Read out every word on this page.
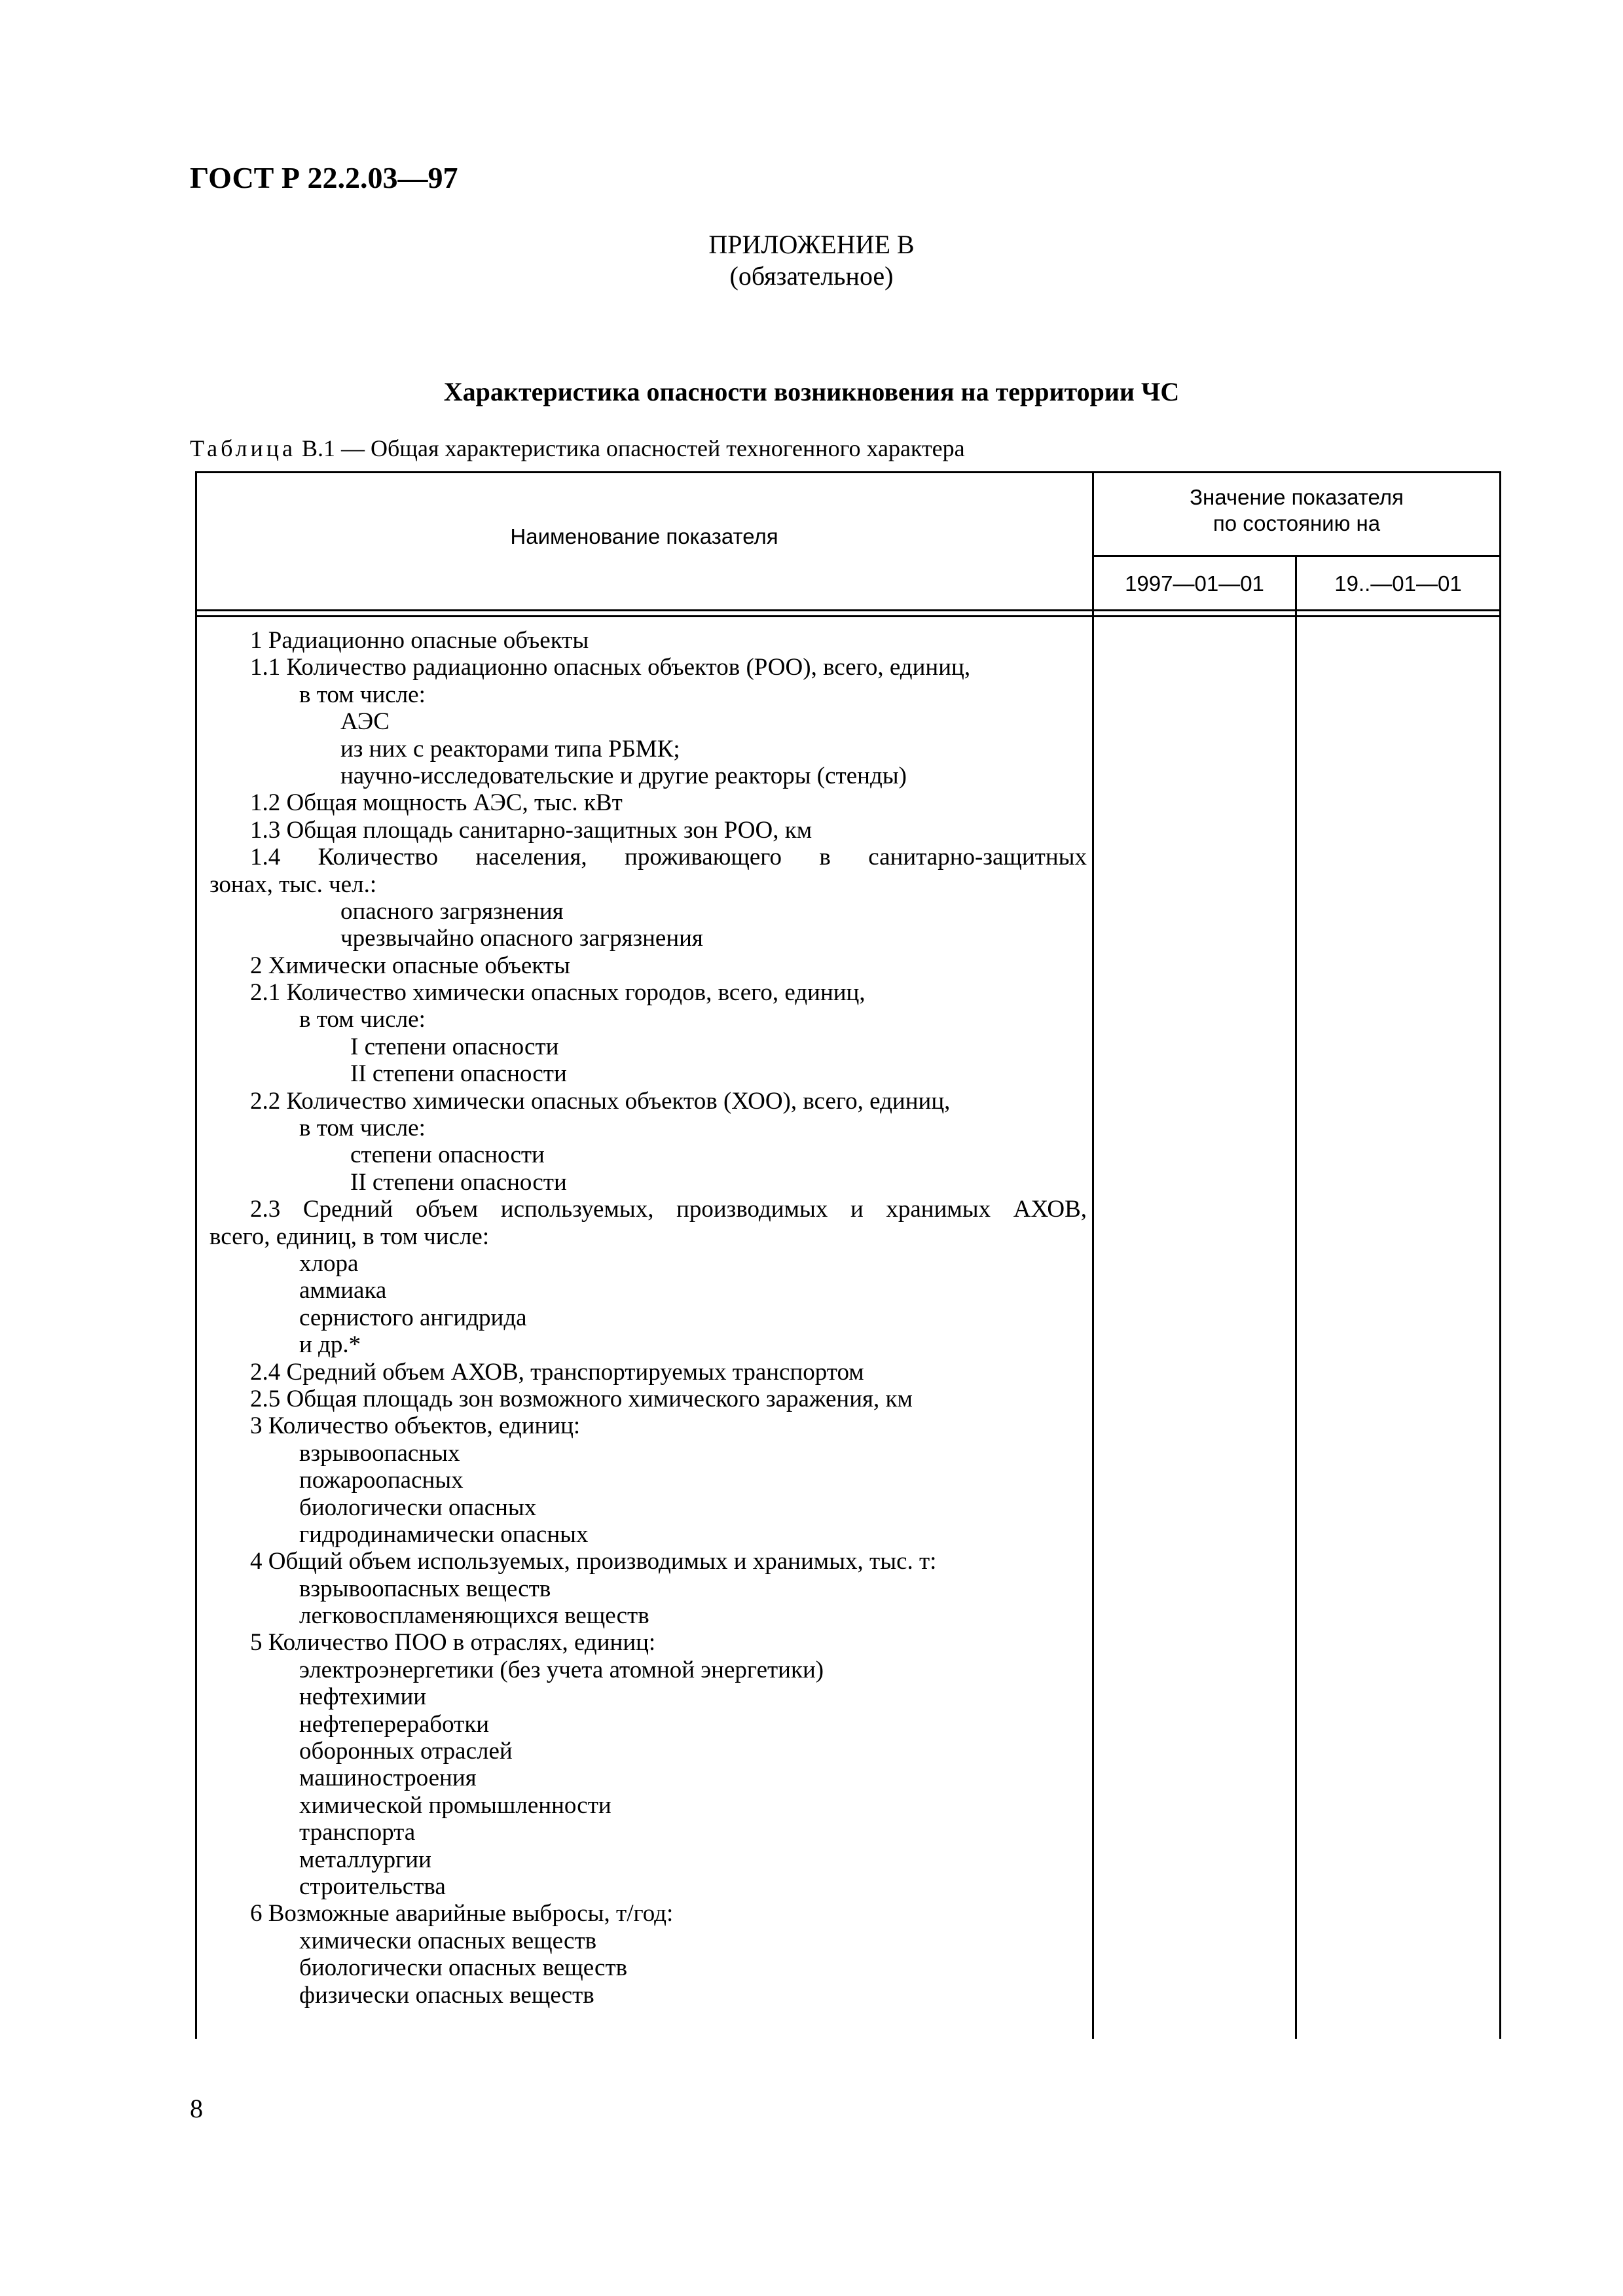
ГОСТ Р 22.2.03—97
ПРИЛОЖЕНИЕ В
(обязательное)
Характеристика опасности возникновения на территории ЧС
Таблица В.1 — Общая характеристика опасностей техногенного характера
Наименование показателя
Значение показателя
по состоянию на
1997—01—01	19..—01—01
1 Радиационно опасные объекты
1.1 Количество радиационно опасных объектов (РОО), всего, единиц,
в том числе:
АЭС
из них с реакторами типа РБМК;
научно-исследовательские и другие реакторы (стенды)
1.2 Общая мощность АЭС, тыс. кВт
1.3 Общая площадь санитарно-защитных зон РОО, км
1.4 Количество населения, проживающего в санитарно-защитных
зонах, тыс. чел.:
опасного загрязнения
чрезвычайно опасного загрязнения
2 Химически опасные объекты
2.1 Количество химически опасных городов, всего, единиц,
в том числе:
I степени опасности
II степени опасности
2.2 Количество химически опасных объектов (ХОО), всего, единиц,
в том числе:
степени опасности
II степени опасности
2.3 Средний объем используемых, производимых и хранимых АХОВ,
всего, единиц, в том числе:
хлора
аммиака
сернистого ангидрида
и др.*
2.4 Средний объем АХОВ, транспортируемых транспортом
2.5 Общая площадь зон возможного химического заражения, км
3 Количество объектов, единиц:
взрывоопасных
пожароопасных
биологически опасных
гидродинамически опасных
4 Общий объем используемых, производимых и хранимых, тыс. т:
взрывоопасных веществ
легковоспламеняющихся веществ
5 Количество ПОО в отраслях, единиц:
электроэнергетики (без учета атомной энергетики)
нефтехимии
нефтепереработки
оборонных отраслей
машиностроения
химической промышленности
транспорта
металлургии
строительства
6 Возможные аварийные выбросы, т/год:
химически опасных веществ
биологически опасных веществ
физически опасных веществ
8
